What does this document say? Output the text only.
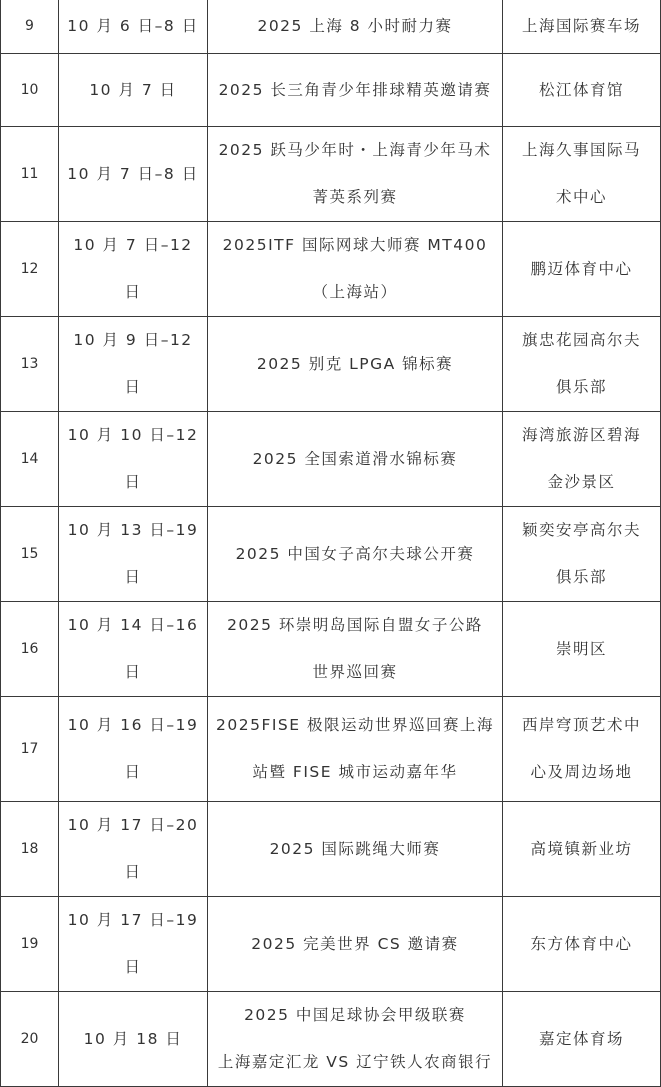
9	10 月 6 日–8 日	2025 上海 8 小时耐力赛	上海国际赛车场

10	10 月 7 日	2025 长三角青少年排球精英邀请赛	松江体育馆

11	10 月 7 日–8 日	2025 跃马少年时・上海青少年马术
菁英系列赛	上海久事国际马
术中心

12	10 月 7 日–12 日	2025ITF 国际网球大师赛 MT400
（上海站）	鹏迈体育中心

13	10 月 9 日–12 日	2025 别克 LPGA 锦标赛	旗忠花园高尔夫
俱乐部

14	10 月 10 日–12 日	2025 全国索道滑水锦标赛	海湾旅游区碧海
金沙景区

15	10 月 13 日–19 日	2025 中国女子高尔夫球公开赛	颖奕安亭高尔夫
俱乐部

16	10 月 14 日–16 日	2025 环崇明岛国际自盟女子公路
世界巡回赛	崇明区

17	10 月 16 日–19 日	2025FISE 极限运动世界巡回赛上海
站暨 FISE 城市运动嘉年华	西岸穹顶艺术中
心及周边场地

18	10 月 17 日–20 日	2025 国际跳绳大师赛	高境镇新业坊

19	10 月 17 日–19 日	2025 完美世界 CS 邀请赛	东方体育中心

20	10 月 18 日	2025 中国足球协会甲级联赛
上海嘉定汇龙 VS 辽宁铁人农商银行	嘉定体育场
